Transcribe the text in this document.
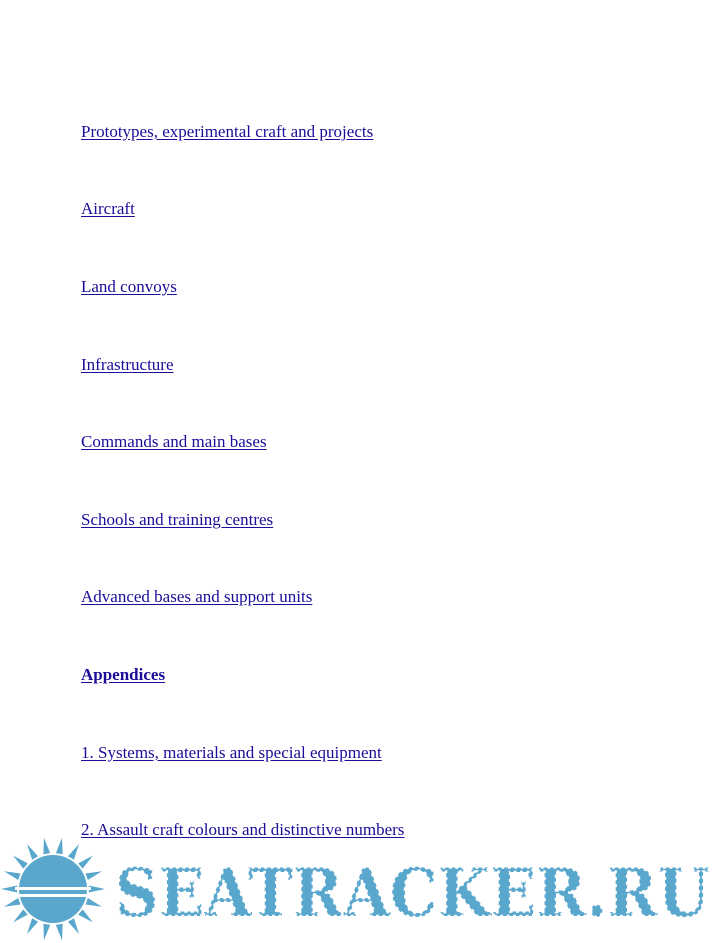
Prototypes, experimental craft and projects
Aircraft
Land convoys
Infrastructure
Commands and main bases
Schools and training centres
Advanced bases and support units
Appendices
1. Systems, materials and special equipment
2. Assault craft colours and distinctive numbers
SEATRACKER.RU
